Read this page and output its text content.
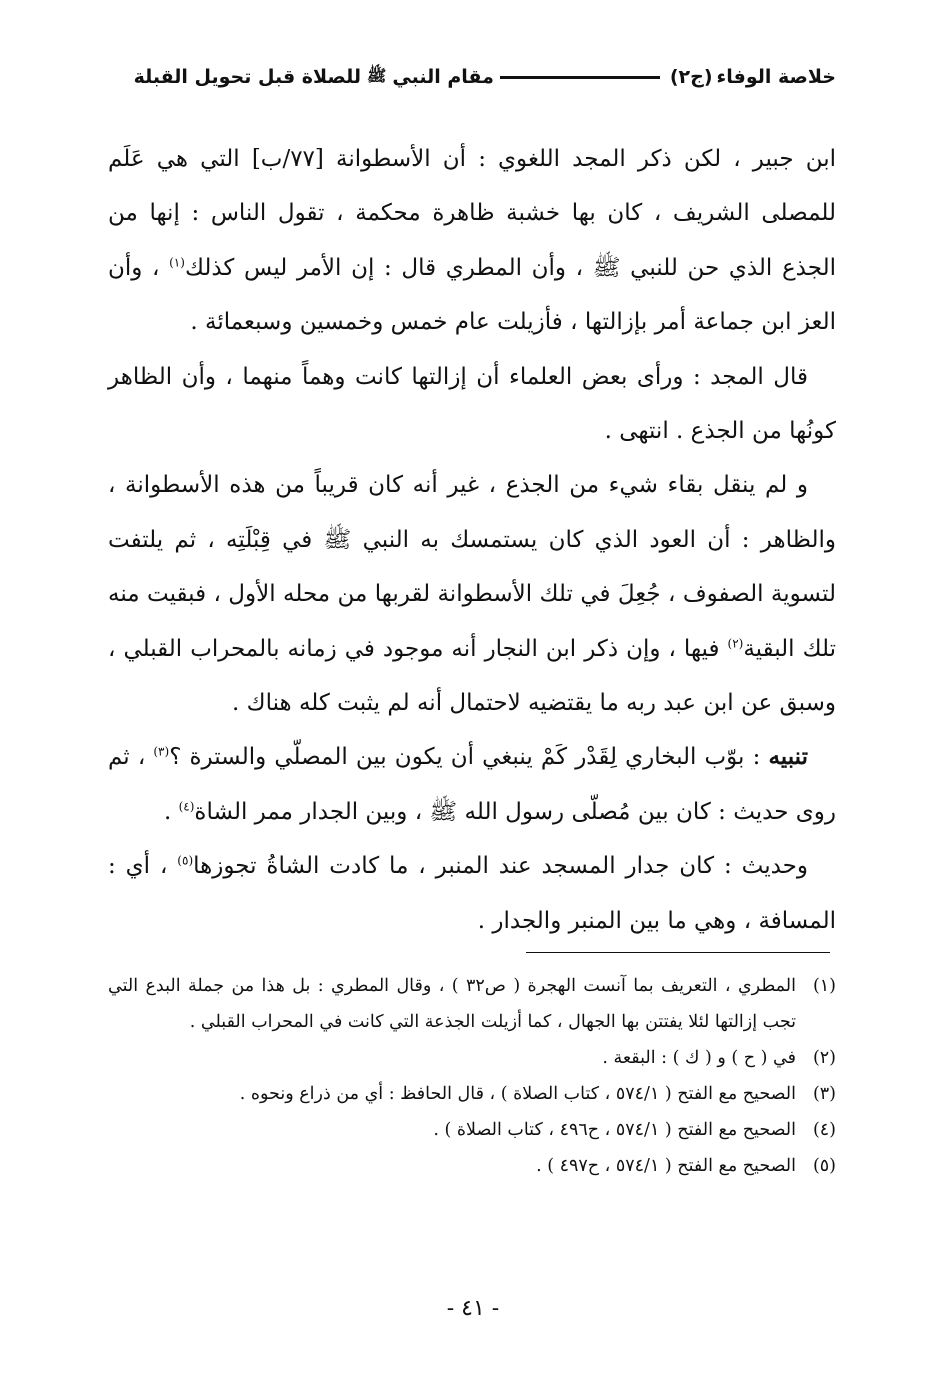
خلاصة الوفاء
(ج٢)
مقام النبي
ﷺ
للصلاة قبل تحويل القبلة

ابن جبير ، لكن ذكر المجد اللغوي : أن الأسطوانة [٧٧/ب] التي هي عَلَم للمصلى الشريف ، كان بها خشبة ظاهرة محكمة ، تقول الناس : إنها من الجذع الذي حن للنبي ﷺ ، وأن المطري قال : إن الأمر ليس كذلك$^{(١)}$ ، وأن العز ابن جماعة أمر بإزالتها ، فأزيلت عام خمس وخمسين وسبعمائة .

قال المجد : ورأى بعض العلماء أن إزالتها كانت وهماً منهما ، وأن الظاهر كونُها من الجذع . انتهى .

و لم ينقل بقاء شيء من الجذع ، غير أنه كان قريباً من هذه الأسطوانة ، والظاهر : أن العود الذي كان يستمسك به النبي ﷺ في قِبْلَتِه ، ثم يلتفت لتسوية الصفوف ، جُعِلَ في تلك الأسطوانة لقربها من محله الأول ، فبقيت منه تلك البقية$^{(٢)}$ فيها ، وإن ذكر ابن النجار أنه موجود في زمانه بالمحراب القبلي ، وسبق عن ابن عبد ربه ما يقتضيه لاحتمال أنه لم يثبت كله هناك .

تنبيه : بوّب البخاري لِقَدْر كَمْ ينبغي أن يكون بين المصلّي والسترة ؟$^{(٣)}$ ، ثم روى حديث : كان بين مُصلّى رسول الله ﷺ ، وبين الجدار ممر الشاة$^{(٤)}$ .

وحديث : كان جدار المسجد عند المنبر ، ما كادت الشاةُ تجوزها$^{(٥)}$ ، أي : المسافة ، وهي ما بين المنبر والجدار .

(١)
المطري ، التعريف بما آنست الهجرة ( ص٣٢ ) ، وقال المطري : بل هذا من جملة البدع التي تجب إزالتها لئلا يفتتن بها الجهال ، كما أزيلت الجذعة التي كانت في المحراب القبلي .
(٢)
في ( ح ) و ( ك ) : البقعة .
(٣)
الصحيح مع الفتح ( ٥٧٤/١ ، كتاب الصلاة ) ، قال الحافظ : أي من ذراع ونحوه .
(٤)
الصحيح مع الفتح ( ٥٧٤/١ ، ح٤٩٦ ، كتاب الصلاة ) .
(٥)
الصحيح مع الفتح ( ٥٧٤/١ ، ح٤٩٧ ) .
- ٤١ -
